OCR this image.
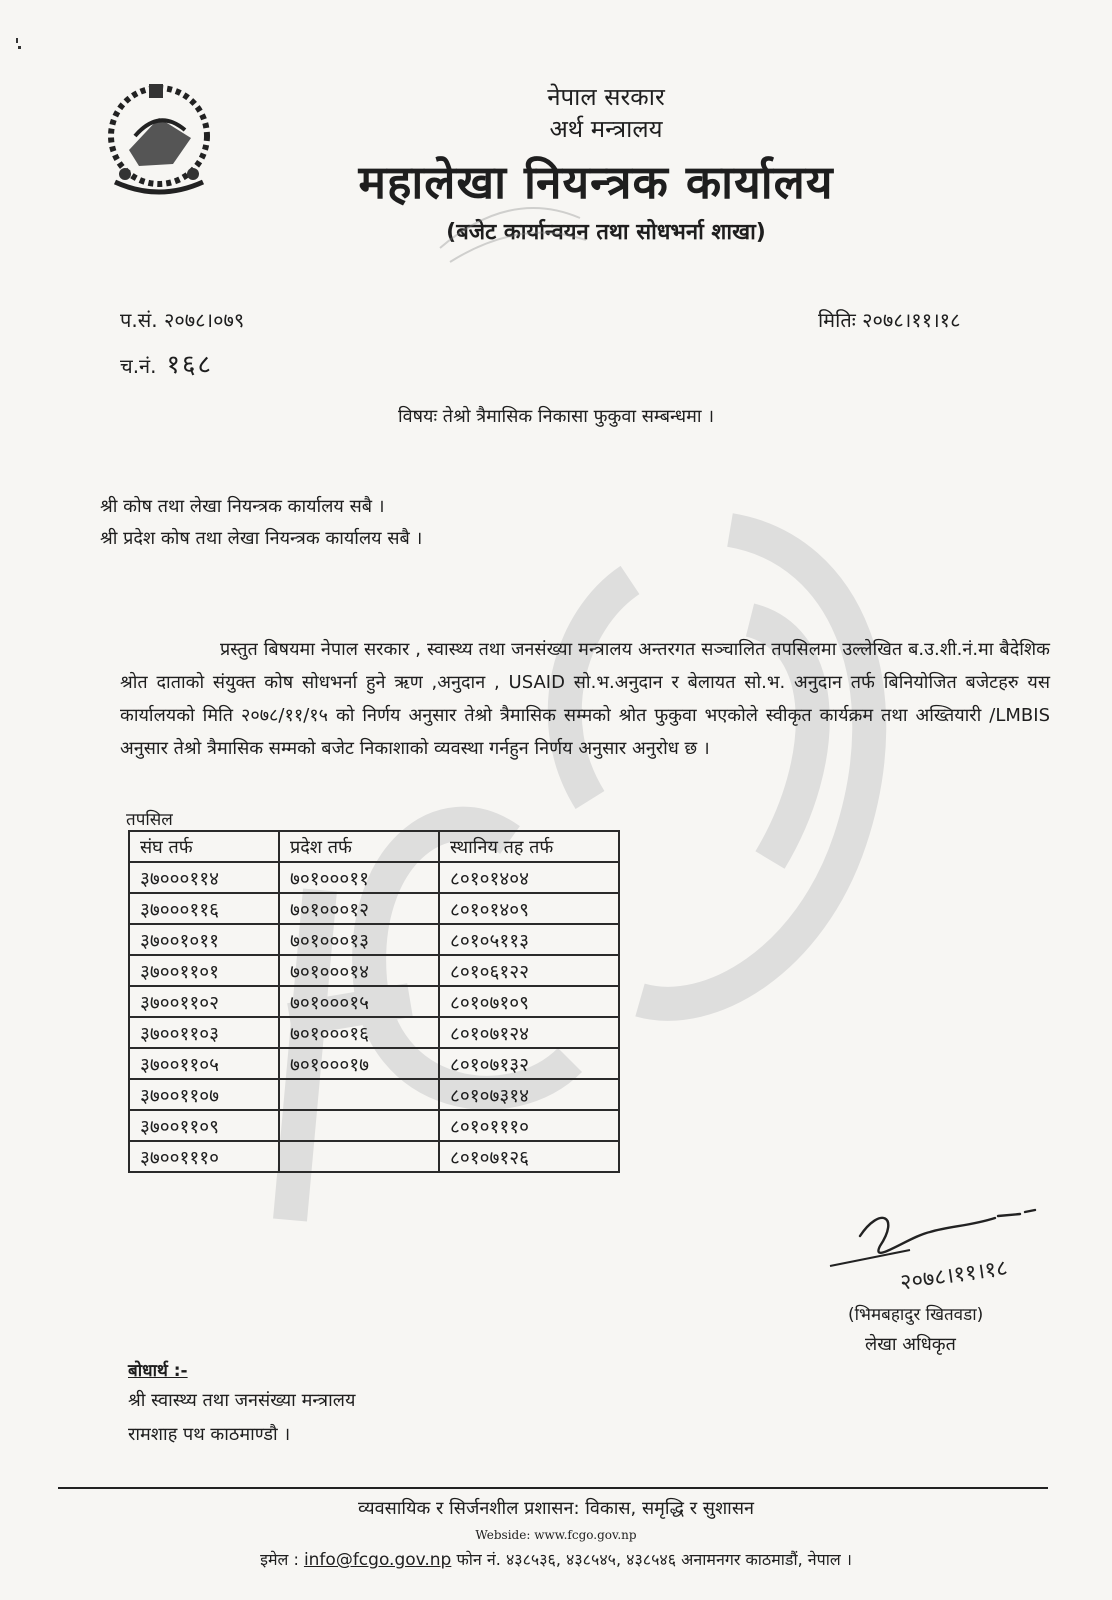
नेपाल सरकार
अर्थ मन्त्रालय
महालेखा नियन्त्रक कार्यालय
(बजेट कार्यान्वयन तथा सोधभर्ना शाखा)
प.सं. २०७८।०७९
च.नं. १६८
मितिः २०७८।११।१८
विषयः तेश्रो त्रैमासिक निकासा फुकुवा सम्बन्धमा ।
श्री कोष तथा लेखा नियन्त्रक कार्यालय सबै ।
श्री प्रदेश कोष तथा लेखा नियन्त्रक कार्यालय सबै ।
प्रस्तुत बिषयमा नेपाल सरकार , स्वास्थ्य तथा जनसंख्या मन्त्रालय अन्तरगत सञ्चालित तपसिलमा उल्लेखित ब.उ.शी.नं.मा बैदेशिक श्रोत दाताको संयुक्त कोष सोधभर्ना हुने ऋण ,अनुदान , USAID सो.भ.अनुदान र बेलायत सो.भ. अनुदान तर्फ बिनियोजित बजेटहरु यस कार्यालयको मिति २०७८/११/१५ को निर्णय अनुसार तेश्रो त्रैमासिक सम्मको श्रोत फुकुवा भएकोले स्वीकृत कार्यक्रम तथा अख्तियारी /LMBIS अनुसार तेश्रो त्रैमासिक सम्मको बजेट निकाशाको व्यवस्था गर्नहुन निर्णय अनुसार अनुरोध छ ।
तपसिल
संघ तर्फ	प्रदेश तर्फ	स्थानिय तह तर्फ
३७०००११४	७०१०००११	८०१०१४०४
३७०००११६	७०१०००१२	८०१०१४०९
३७००१०११	७०१०००१३	८०१०५११३
३७००११०१	७०१०००१४	८०१०६१२२
३७००११०२	७०१०००१५	८०१०७१०९
३७००११०३	७०१०००१६	८०१०७१२४
३७००११०५	७०१०००१७	८०१०७१३२
३७००११०७		८०१०७३१४
३७००११०९		८०१०१११०
३७००१११०		८०१०७१२६
२०७८।११।१८
(भिमबहादुर खितवडा)
लेखा अधिकृत
बोधार्थ :-
श्री स्वास्थ्य तथा जनसंख्या मन्त्रालय
रामशाह पथ काठमाण्डौ ।
व्यवसायिक र सिर्जनशील प्रशासन: विकास, समृद्धि र सुशासन
Webside: www.fcgo.gov.np
इमेल : info@fcgo.gov.np फोन नं. ४३८५३६, ४३८५४५, ४३८५४६ अनामनगर काठमाडौं, नेपाल ।
